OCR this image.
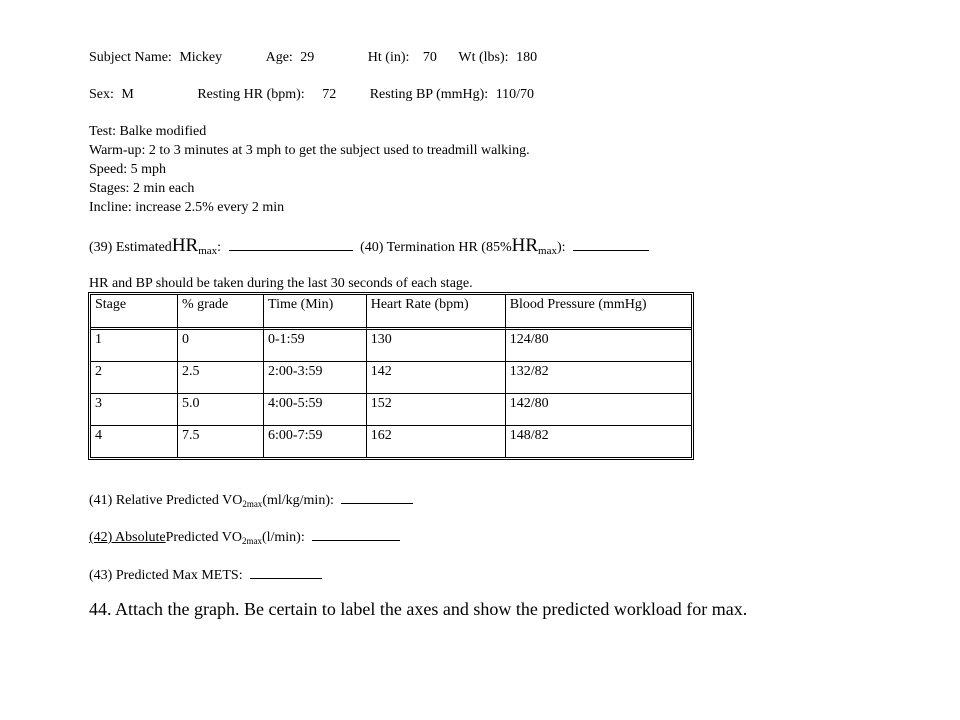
Subject Name: Mickey	Age: 29	Ht (in): 70 Wt (lbs): 180
Sex: M	Resting HR (bpm): 72 Resting BP (mmHg): 110/70
Test: Balke modified
Warm-up: 2 to 3 minutes at 3 mph to get the subject used to treadmill walking.
Speed: 5 mph
Stages: 2 min each
Incline: increase 2.5% every 2 min
(39) EstimatedHRmax:	(40) Termination HR (85%HRmax):
HR and BP should be taken during the last 30 seconds of each stage.
Stage	% grade	Time (Min)	Heart Rate (bpm)	Blood Pressure (mmHg)
1	0	0-1:59	130	124/80
2	2.5	2:00-3:59	142	132/82
3	5.0	4:00-5:59	152	142/80
4	7.5	6:00-7:59	162	148/82
(41) Relative Predicted VO2max(ml/kg/min):
(42) AbsolutePredicted VO2max(l/min):
(43) Predicted Max METS:
44. Attach the graph. Be certain to label the axes and show the predicted workload for max.
